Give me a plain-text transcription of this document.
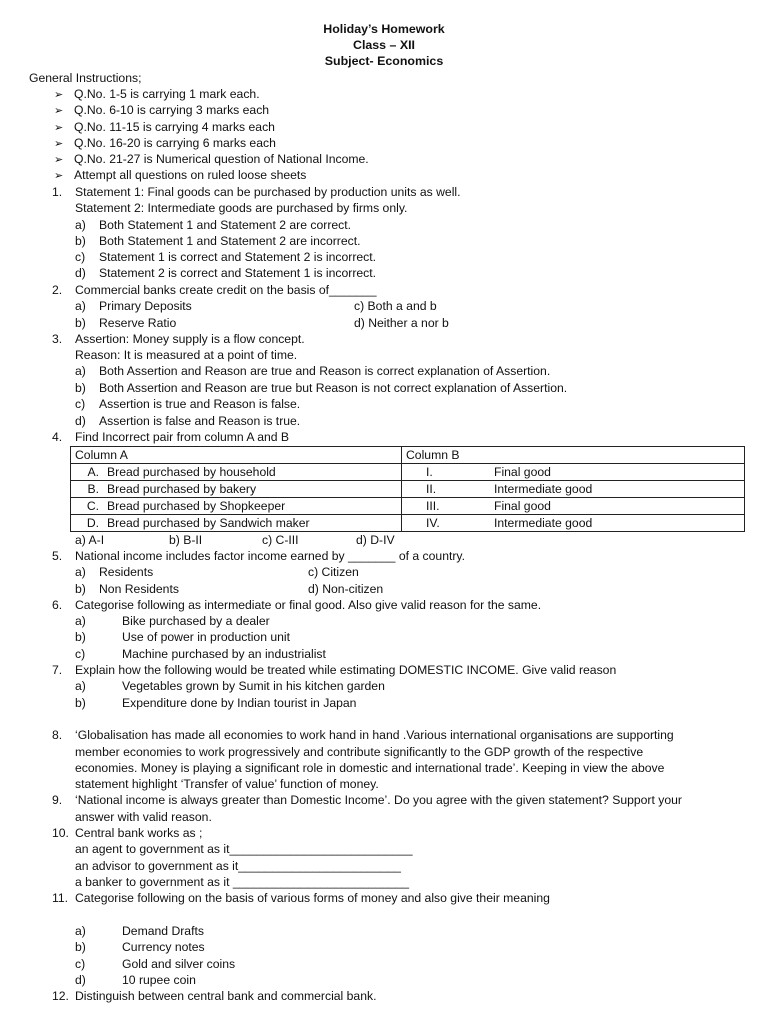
Holiday’s Homework
Class – XII
Subject- Economics
General Instructions;
➢ Q.No. 1-5 is carrying 1 mark each.
➢ Q.No. 6-10 is carrying 3 marks each
➢ Q.No. 11-15 is carrying 4 marks each
➢ Q.No. 16-20 is carrying 6 marks each
➢ Q.No. 21-27 is Numerical question of National Income.
➢ Attempt all questions on ruled loose sheets
1. Statement 1: Final goods can be purchased by production units as well.
Statement 2: Intermediate goods are purchased by firms only.
a) Both Statement 1 and Statement 2 are correct.
b) Both Statement 1 and Statement 2 are incorrect.
c) Statement 1 is correct and Statement 2 is incorrect.
d) Statement 2 is correct and Statement 1 is incorrect.
2. Commercial banks create credit on the basis of_______
a) Primary Deposits	c) Both a and b
b) Reserve Ratio	d) Neither a nor b
3. Assertion: Money supply is a flow concept.
Reason: It is measured at a point of time.
a) Both Assertion and Reason are true and Reason is correct explanation of Assertion.
b) Both Assertion and Reason are true but Reason is not correct explanation of Assertion.
c) Assertion is true and Reason is false.
d) Assertion is false and Reason is true.
4. Find Incorrect pair from column A and B
Column A	Column B
A. Bread purchased by household	I. Final good
B. Bread purchased by bakery	II. Intermediate good
C. Bread purchased by Shopkeeper	III. Final good
D. Bread purchased by Sandwich maker	IV. Intermediate good
a) A-I	b) B-II	c) C-III	d) D-IV
5. National income includes factor income earned by _______ of a country.
a) Residents	c) Citizen
b) Non Residents	d) Non-citizen
6. Categorise following as intermediate or final good. Also give valid reason for the same.
a)	Bike purchased by a dealer
b)	Use of power in production unit
c)	Machine purchased by an industrialist
7. Explain how the following would be treated while estimating DOMESTIC INCOME. Give valid reason
a)	Vegetables grown by Sumit in his kitchen garden
b)	Expenditure done by Indian tourist in Japan
8. ‘Globalisation has made all economies to work hand in hand .Various international organisations are supporting
member economies to work progressively and contribute significantly to the GDP growth of the respective
economies. Money is playing a significant role in domestic and international trade’. Keeping in view the above
statement highlight ‘Transfer of value’ function of money.
9. ‘National income is always greater than Domestic Income’. Do you agree with the given statement? Support your
answer with valid reason.
10. Central bank works as ;
an agent to government as it___________________________
an advisor to government as it________________________
a banker to government as it __________________________
11. Categorise following on the basis of various forms of money and also give their meaning
a)	Demand Drafts
b)	Currency notes
c)	Gold and silver coins
d)	10 rupee coin
12. Distinguish between central bank and commercial bank.
